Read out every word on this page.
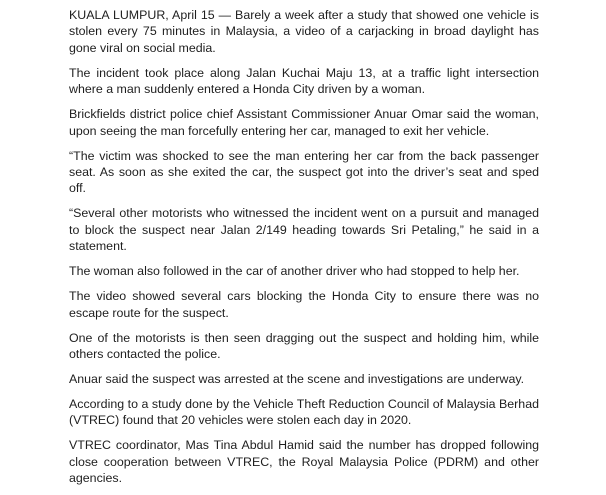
KUALA LUMPUR, April 15 — Barely a week after a study that showed one vehicle is stolen every 75 minutes in Malaysia, a video of a carjacking in broad daylight has gone viral on social media.

The incident took place along Jalan Kuchai Maju 13, at a traffic light intersection where a man suddenly entered a Honda City driven by a woman.

Brickfields district police chief Assistant Commissioner Anuar Omar said the woman, upon seeing the man forcefully entering her car, managed to exit her vehicle.

“The victim was shocked to see the man entering her car from the back passenger seat. As soon as she exited the car, the suspect got into the driver’s seat and sped off.

“Several other motorists who witnessed the incident went on a pursuit and managed to block the suspect near Jalan 2/149 heading towards Sri Petaling,” he said in a statement.

The woman also followed in the car of another driver who had stopped to help her.

The video showed several cars blocking the Honda City to ensure there was no escape route for the suspect.

One of the motorists is then seen dragging out the suspect and holding him, while others contacted the police.

Anuar said the suspect was arrested at the scene and investigations are underway.

According to a study done by the Vehicle Theft Reduction Council of Malaysia Berhad (VTREC) found that 20 vehicles were stolen each day in 2020.

VTREC coordinator, Mas Tina Abdul Hamid said the number has dropped following close cooperation between VTREC, the Royal Malaysia Police (PDRM) and other agencies.
